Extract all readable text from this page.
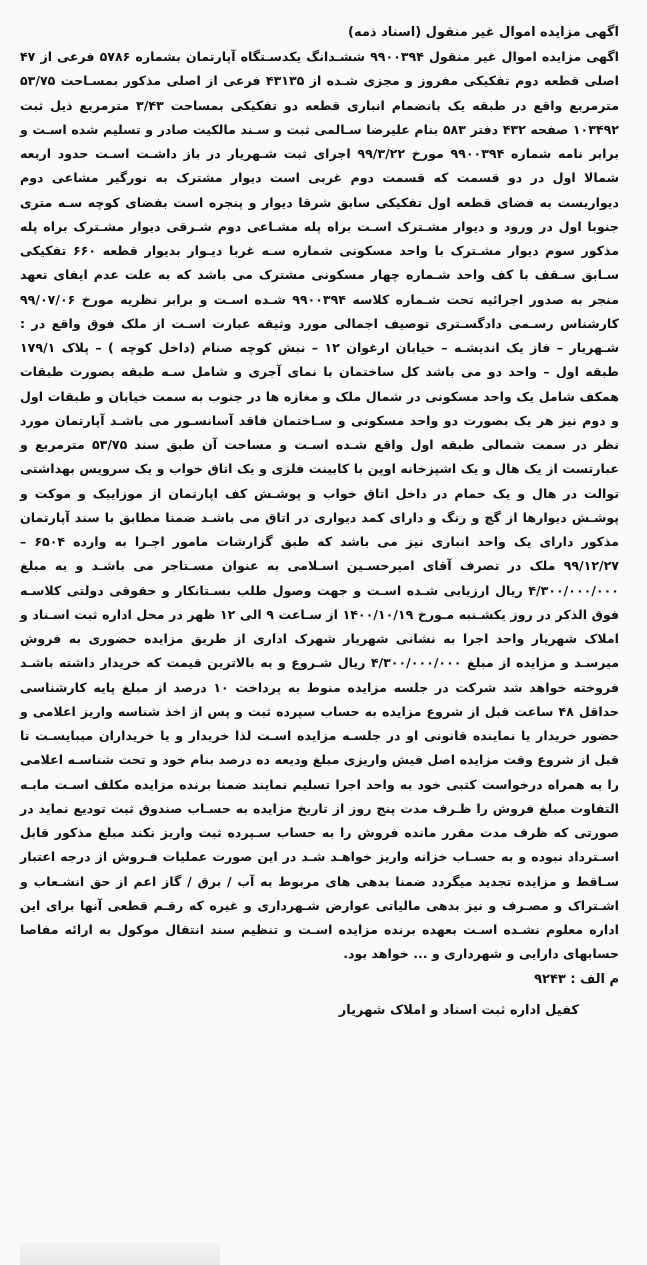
اگهی مزایده اموال غیر منقول (اسناد ذمه)

اگهی مزایده اموال غیر منقول ۹۹۰۰۳۹۴ ششـدانگ یکدسـتگاه آپارتمان بشماره ۵۷۸۶ فرعی از ۴۷ اصلی قطعه دوم تفکیکی مفروز و مجزی شـده از ۴۳۱۳۵ فرعی از اصلی مذکور بمسـاحت ۵۳/۷۵ مترمربع واقع در طبقه یک بانضمام انباری قطعه دو تفکیکی بمساحت ۳/۴۳ مترمربع ذیل ثبت ۱۰۳۴۹۲ صفحه ۴۳۲ دفتر ۵۸۳ بنام علیرضا سـالمی ثبت و سـند مالکیت صادر و تسلیم شده اسـت و برابر نامه شماره ۹۹۰۰۳۹۴ مورخ ۹۹/۳/۲۲ اجرای ثبت شـهریار در باز داشـت اسـت حدود اربعه شمالا اول در دو قسمت که قسمت دوم غربی است دیوار مشترک به نورگیر مشاعی دوم دیواریست به فضای قطعه اول تفکیکی سابق شرقا دیوار و پنجره است بفضای کوچه سـه متری جنوبا اول در ورود و دیوار مشـترک اسـت براه پله مشـاعی دوم شـرقی دیوار مشـترک براه پله مذکور سوم دیوار مشـترک با واحد مسکونی شماره سـه غربا دیـوار بدیوار قطعه ۶۶۰ تفکیکی سـابق سـقف با کف واحد شـماره چهار مسکونی مشترک می باشد که به علت عدم ایفای تعهد منجر به صدور اجرائیه تحت شـماره کلاسه ۹۹۰۰۳۹۴ شـده اسـت و برابر نظریه مورخ ۹۹/۰۷/۰۶ کارشناس رسـمی دادگسـتری توصیف اجمالی مورد وثیقه عبارت اسـت از ملک فوق واقع در : شـهریار – فاز یک اندیشـه – خیابان ارغوان ۱۲ – نبش کوچه صنام (داخل کوچه ) – پلاک ۱۷۹/۱ طبقه اول – واحد دو می باشد کل ساختمان با نمای آجری و شامل سـه طبقه بصورت طبقات همکف شامل یک واحد مسکونی در شمال ملک و مغازه ها در جنوب به سمت خیابان و طبقات اول و دوم نیز هر یک بصورت دو واحد مسکونی و سـاختمان فاقد آسانسـور می باشـد آپارتمان مورد نظر در سمت شمالی طبقه اول واقع شـده اسـت و مساحت آن طبق سند ۵۳/۷۵ مترمربع و عبارتست از یک هال و یک اشپزخانه اوپن با کابینت فلزی و یک اتاق خواب و یک سرویس بهداشتی توالت در هال و یک حمام در داخل اتاق خواب و پوشـش کف اپارتمان از موزاییک و موکت و پوشـش دیوارها از گچ و رنگ و دارای کمد دیواری در اتاق می باشـد ضمنا مطابق با سند آپارتمان مذکور دارای یک واحد انباری نیز می باشد که طبق گزارشات مامور اجـرا به وارده ۶۵۰۴ – ۹۹/۱۲/۲۷ ملک در تصرف آقای امیرحسـین اسـلامی به عنوان مسـتاجر می باشـد و به مبلغ ۴/۳۰۰/۰۰۰/۰۰۰ ریال ارزیابی شـده اسـت و جهت وصول طلب بسـتانکار و حقوقی دولتی کلاسـه فوق الذکر در روز یکشـنبه مـورخ ۱۴۰۰/۱۰/۱۹ از سـاعت ۹ الی ۱۲ ظهر در محل اداره ثبت اسـناد و املاک شهریار واحد اجرا به نشانی شهریار شهرک اداری از طریق مزایده حضوری به فروش میرسـد و مزایده از مبلغ ۴/۳۰۰/۰۰۰/۰۰۰ ریال شـروع و به بالاترین قیمت که خریدار داشته باشـد فروخته خواهد شد شرکت در جلسه مزایده منوط به پرداخت ۱۰ درصد از مبلغ پایه کارشناسی حداقل ۴۸ ساعت قبل از شروع مزایده به حساب سپرده ثبت و پس از اخذ شناسه واریز اعلامی و حضور خریدار یا نماینده قانونی او در جلسـه مزایده اسـت لذا خریدار و یا خریداران میبایسـت تا قبل از شروع وقت مزایده اصل فیش واریزی مبلغ ودیعه ده درصد بنام خود و تحت شناسـه اعلامی را به همراه درخواست کتبی خود به واحد اجرا تسلیم نمایند ضمنا برنده مزایده مکلف اسـت مابـه التفاوت مبلغ فروش را ظـرف مدت پنج روز از تاریخ مزایده به حسـاب صندوق ثبت تودیع نماید در صورتی که ظرف مدت مقرر مانده فروش را به حساب سـپرده ثبت واریز نکند مبلغ مذکور قابل اسـترداد نبوده و به حسـاب خزانه واریز خواهـد شـد در این صورت عملیات فـروش از درجه اعتبار سـاقط و مزایده تجدید میگردد ضمنا بدهی های مربوط به آب / برق / گاز اعم از حق انشـعاب و اشـتراک و مصـرف و نیز بدهی مالیاتی عوارض شـهرداری و غیره که رقـم قطعی آنها برای این اداره معلوم نشـده اسـت بعهده برنده مزایده اسـت و تنظیم سند انتقال موکول به ارائه مفاصا حسابهای دارایی و شهرداری و ... خواهد بود.

م الف : ۹۲۴۳
کفیل اداره ثبت اسناد و املاک شهریار
